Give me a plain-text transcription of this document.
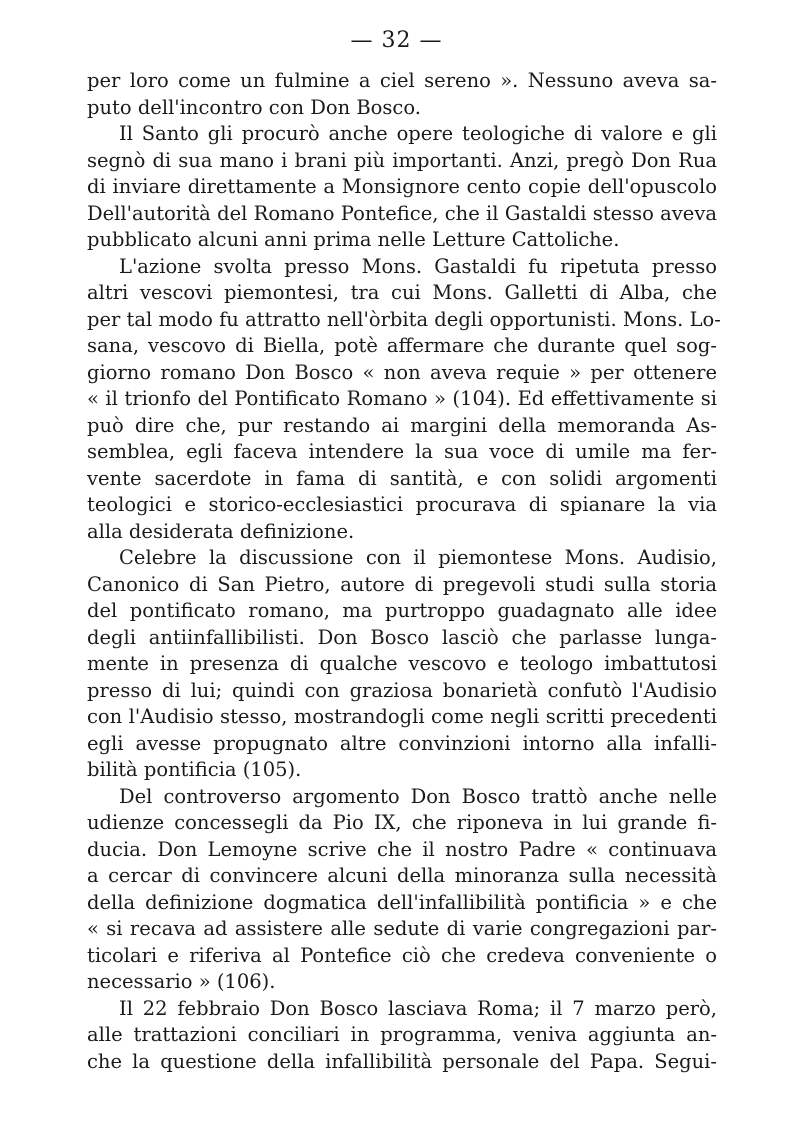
— 32 —
per loro come un fulmine a ciel sereno ». Nessuno aveva sa-
puto dell'incontro con Don Bosco.
Il Santo gli procurò anche opere teologiche di valore e gli
segnò di sua mano i brani più importanti. Anzi, pregò Don Rua
di inviare direttamente a Monsignore cento copie dell'opuscolo
Dell'autorità del Romano Pontefice, che il Gastaldi stesso aveva
pubblicato alcuni anni prima nelle Letture Cattoliche.
L'azione svolta presso Mons. Gastaldi fu ripetuta presso
altri vescovi piemontesi, tra cui Mons. Galletti di Alba, che
per tal modo fu attratto nell'òrbita degli opportunisti. Mons. Lo-
sana, vescovo di Biella, potè affermare che durante quel sog-
giorno romano Don Bosco « non aveva requie » per ottenere
« il trionfo del Pontificato Romano » (104). Ed effettivamente si
può dire che, pur restando ai margini della memoranda As-
semblea, egli faceva intendere la sua voce di umile ma fer-
vente sacerdote in fama di santità, e con solidi argomenti
teologici e storico-ecclesiastici procurava di spianare la via
alla desiderata definizione.
Celebre la discussione con il piemontese Mons. Audisio,
Canonico di San Pietro, autore di pregevoli studi sulla storia
del pontificato romano, ma purtroppo guadagnato alle idee
degli antiinfallibilisti. Don Bosco lasciò che parlasse lunga-
mente in presenza di qualche vescovo e teologo imbattutosi
presso di lui; quindi con graziosa bonarietà confutò l'Audisio
con l'Audisio stesso, mostrandogli come negli scritti precedenti
egli avesse propugnato altre convinzioni intorno alla infalli-
bilità pontificia (105).
Del controverso argomento Don Bosco trattò anche nelle
udienze concessegli da Pio IX, che riponeva in lui grande fi-
ducia. Don Lemoyne scrive che il nostro Padre « continuava
a cercar di convincere alcuni della minoranza sulla necessità
della definizione dogmatica dell'infallibilità pontificia » e che
« si recava ad assistere alle sedute di varie congregazioni par-
ticolari e riferiva al Pontefice ciò che credeva conveniente o
necessario » (106).
Il 22 febbraio Don Bosco lasciava Roma; il 7 marzo però,
alle trattazioni conciliari in programma, veniva aggiunta an-
che la questione della infallibilità personale del Papa. Segui-
